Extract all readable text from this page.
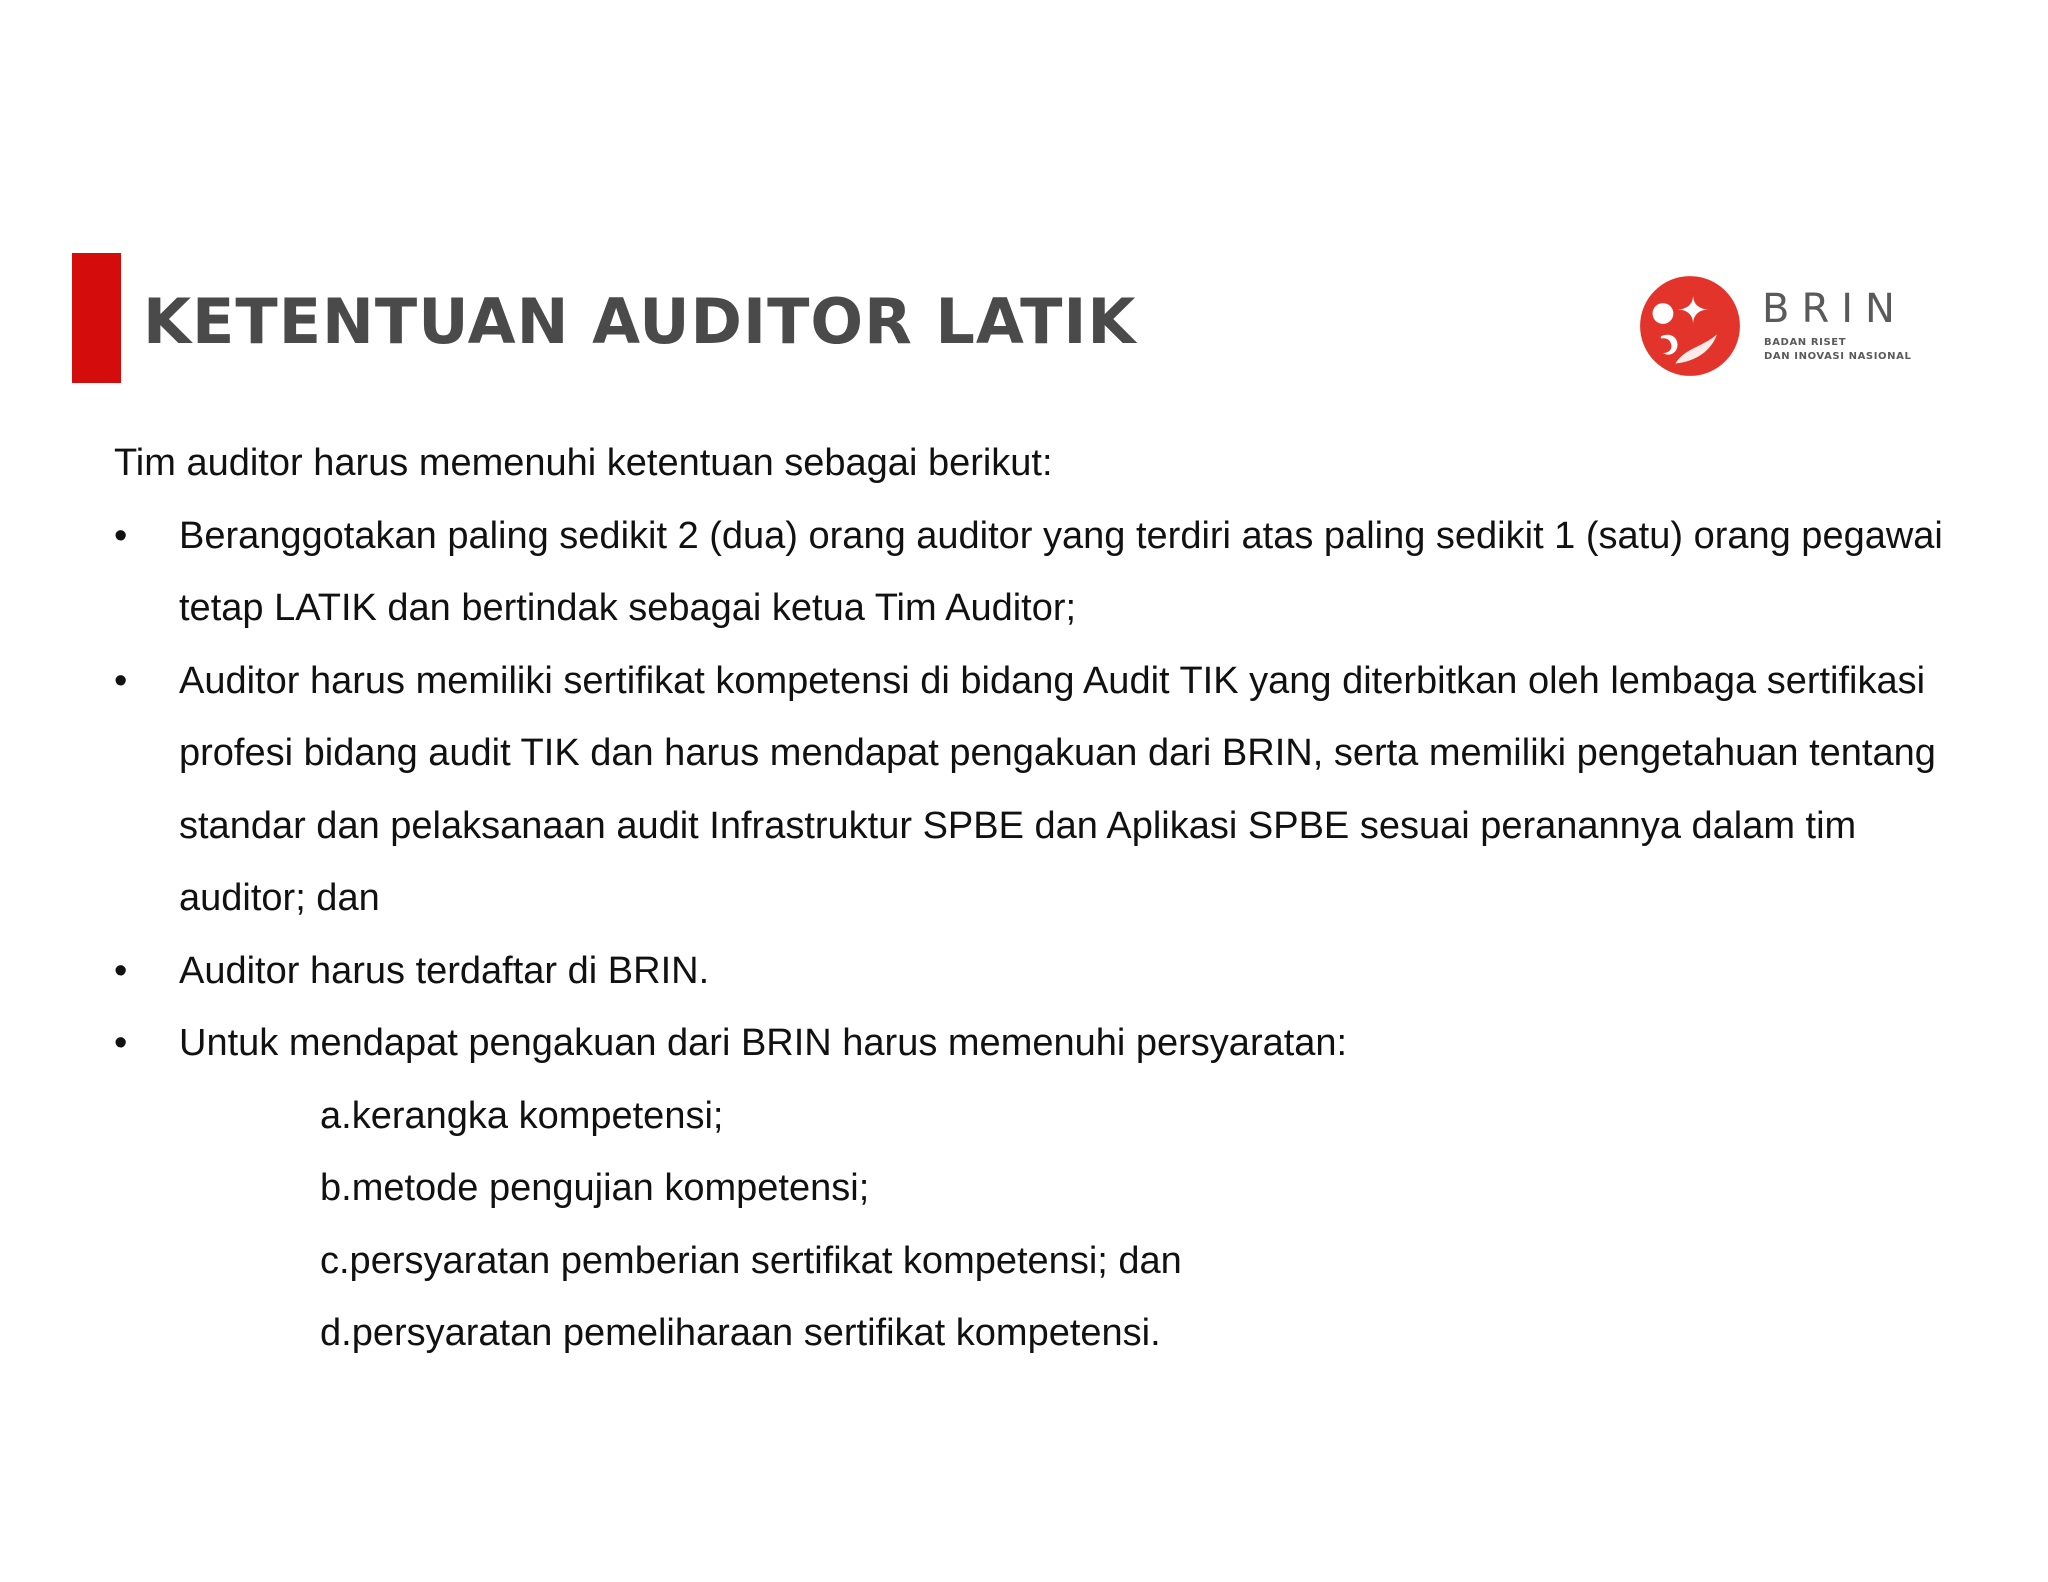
KETENTUAN AUDITOR LATIK	BRIN

BADAN RISET

DAN INOVASI NASIONAL

Tim auditor harus memenuhi ketentuan sebagai berikut:

•	Beranggotakan paling sedikit 2 (dua) orang auditor yang terdiri atas paling sedikit 1 (satu) orang pegawai tetap LATIK dan bertindak sebagai ketua Tim Auditor;
•	Auditor harus memiliki sertifikat kompetensi di bidang Audit TIK yang diterbitkan oleh lembaga sertifikasi profesi bidang audit TIK dan harus mendapat pengakuan dari BRIN, serta memiliki pengetahuan tentang standar dan pelaksanaan audit Infrastruktur SPBE dan Aplikasi SPBE sesuai peranannya dalam tim auditor; dan
•	Auditor harus terdaftar di BRIN.
•	Untuk mendapat pengakuan dari BRIN harus memenuhi persyaratan:
a.kerangka kompetensi;
b.metode pengujian kompetensi;
c.persyaratan pemberian sertifikat kompetensi; dan
d.persyaratan pemeliharaan sertifikat kompetensi.
